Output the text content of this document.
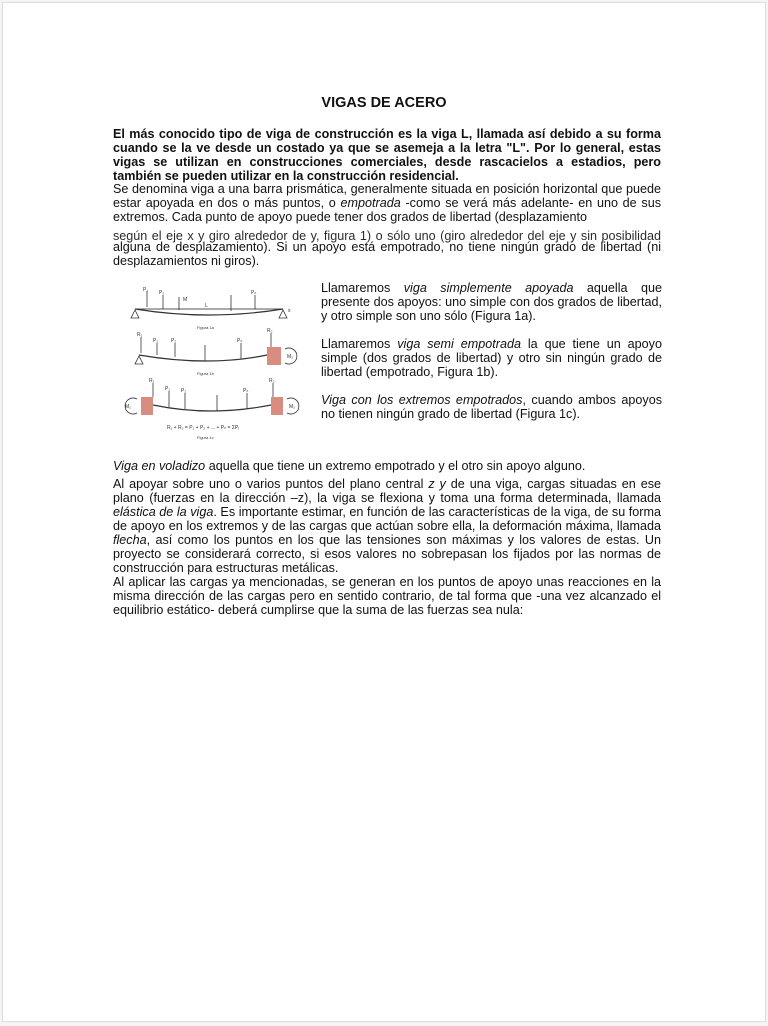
VIGAS DE ACERO

El más conocido tipo de viga de construcción es la viga L, llamada así debido a su forma cuando se la ve desde un costado ya que se asemeja a la letra "L". Por lo general, estas vigas se utilizan en construcciones comerciales, desde rascacielos a estadios, pero también se pueden utilizar en la construcción residencial.

Se denomina viga a una barra prismática, generalmente situada en posición horizontal que puede estar apoyada en dos o más puntos, o empotrada -como se verá más adelante- en uno de sus extremos. Cada punto de apoyo puede tener dos grados de libertad (desplazamiento

según el eje x y giro alrededor de y, figura 1) o sólo uno (giro alrededor del eje y sin posibilidad

alguna de desplazamiento). Si un apoyo está empotrado, no tiene ningún grado de libertad (ni desplazamientos ni giros).

P₁ P₂
M
L
Pₙ
x
Figura 1a
R₁
P₁	P₂	Pₙ
R₂
M₂
Figura 1b
R₁	R₂
M₁	M₂
P₁ P₂	Pₙ
R₁ + R₂ = P₁ + P₂ + ... + Pₙ = ΣPᵢ
Figura 1c

Llamaremos viga simplemente apoyada aquella que presente dos apoyos: uno simple con dos grados de libertad, y otro simple son uno sólo (Figura 1a).

Llamaremos viga semi empotrada la que tiene un apoyo simple (dos grados de libertad) y otro sin ningún grado de libertad (empotrado, Figura 1b).

Viga con los extremos empotrados, cuando ambos apoyos no tienen ningún grado de libertad (Figura 1c).

Viga en voladizo aquella que tiene un extremo empotrado y el otro sin apoyo alguno.

Al apoyar sobre uno o varios puntos del plano central z y de una viga, cargas situadas en ese plano (fuerzas en la dirección –z), la viga se flexiona y toma una forma determinada, llamada elástica de la viga. Es importante estimar, en función de las características de la viga, de su forma de apoyo en los extremos y de las cargas que actúan sobre ella, la deformación máxima, llamada flecha, así como los puntos en los que las tensiones son máximas y los valores de estas. Un proyecto se considerará correcto, si esos valores no sobrepasan los fijados por las normas de construcción para estructuras metálicas.

Al aplicar las cargas ya mencionadas, se generan en los puntos de apoyo unas reacciones en la misma dirección de las cargas pero en sentido contrario, de tal forma que -una vez alcanzado el equilibrio estático- deberá cumplirse que la suma de las fuerzas sea nula:
